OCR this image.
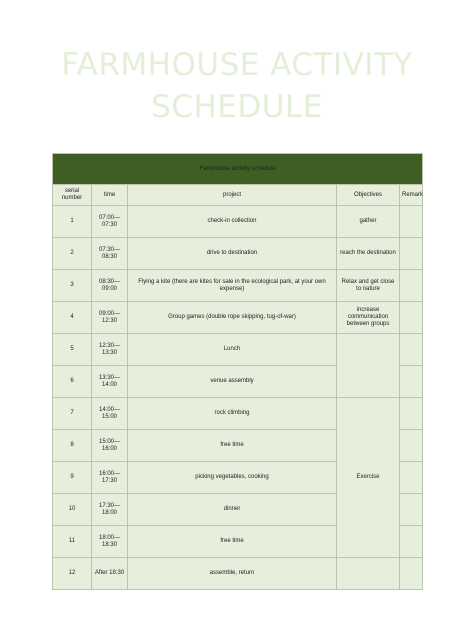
FARMHOUSE ACTIVITY
SCHEDULE
Farmhouse activity schedule				
serial number	time	project	Objectives	Remark
1	07:00—07:30	check-in collection	gather	
2	07:30—08:30	drive to destination	reach the destination	
3	08:30—09:00	Flying a kite (there are kites for sale in the ecological park, at your own expense)	Relax and get close to nature	
4	09:00—12:30	Group games (double rope skipping, tug-of-war)	increase communication between groups	
5	12:30—13:30	Lunch		
6	13:30—14:00	venue assembly		
7	14:00—15:00	rock climbing	Exercise	
8	15:00—16:00	free time		
9	16:00—17:30	picking vegetables, cooking		
10	17:30—18:00	dinner		
11	18:00—18:30	free time		
12	After 18:30	assemble, return		
